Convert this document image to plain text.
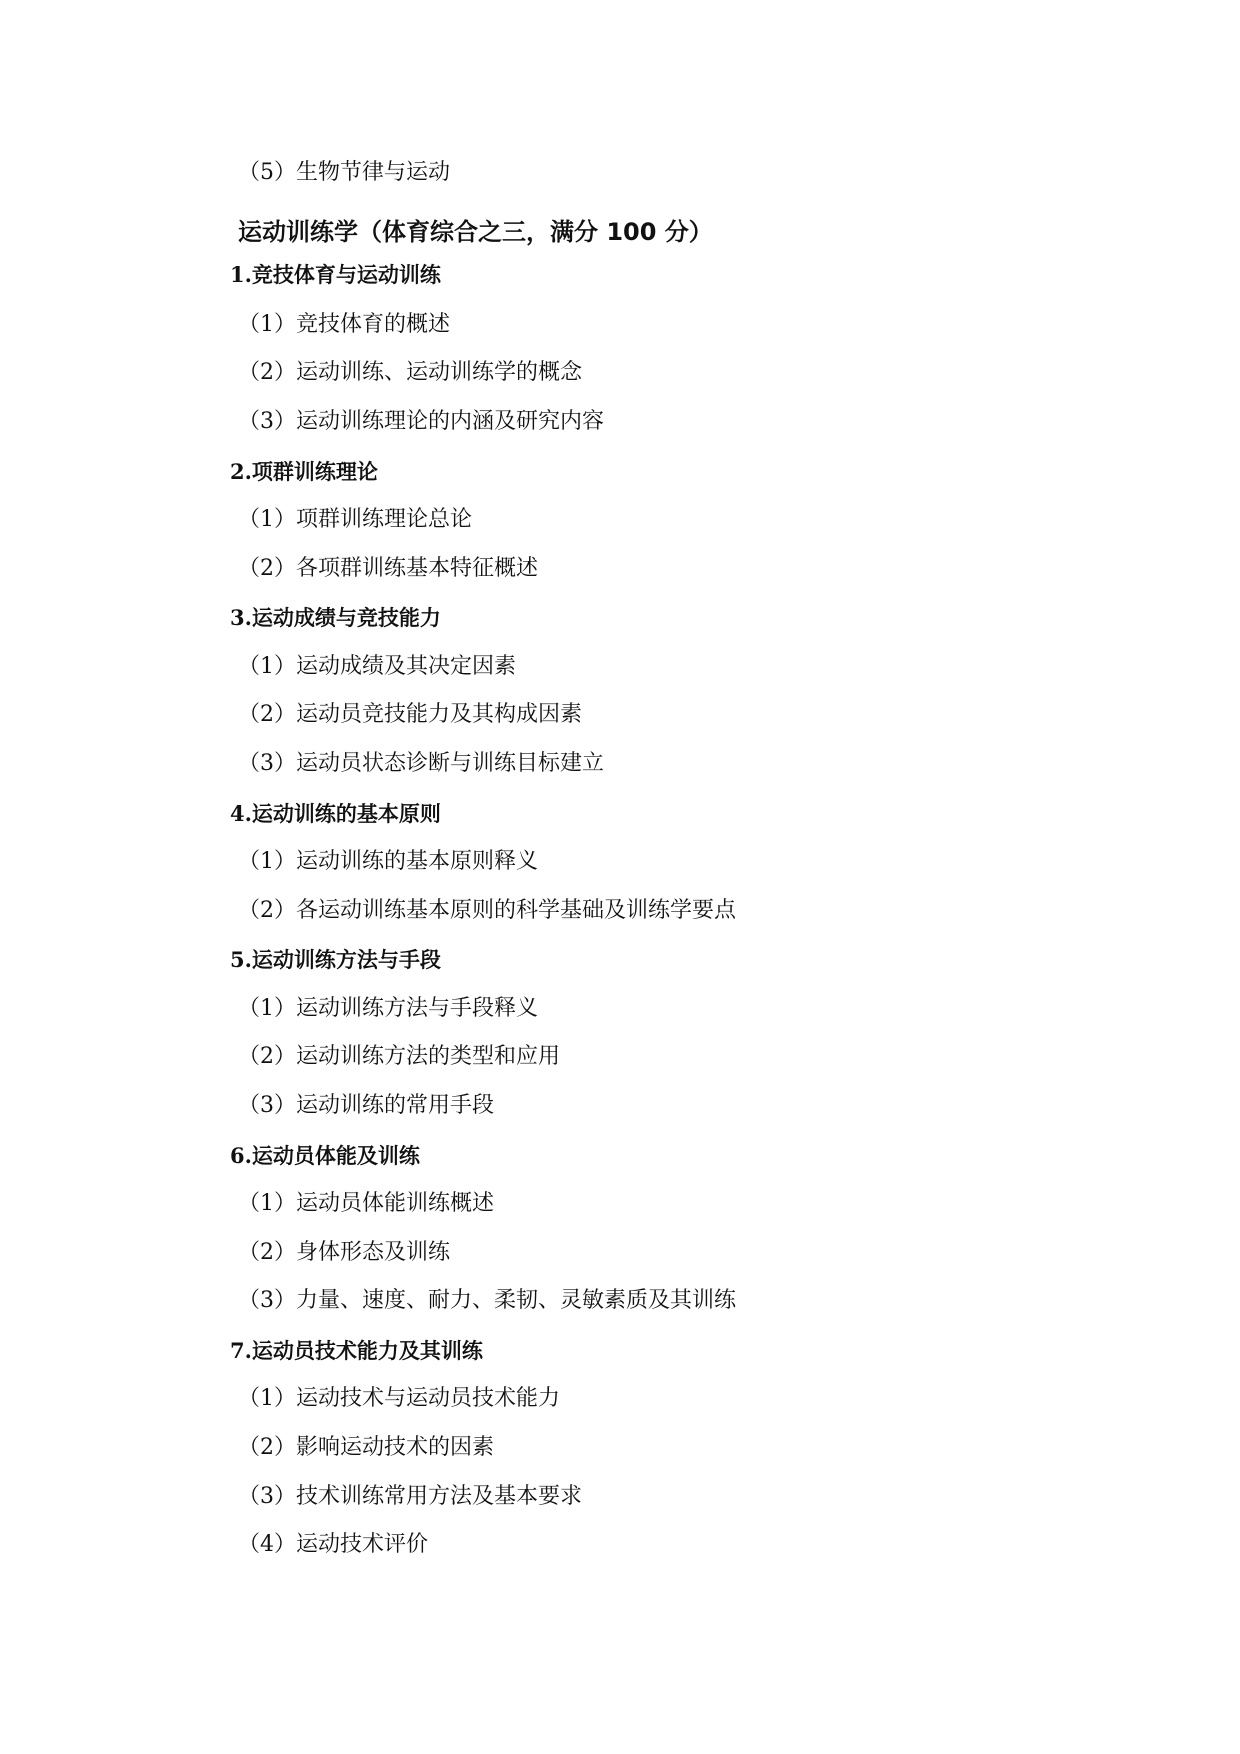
（5）生物节律与运动
运动训练学（体育综合之三，满分 100 分）
1.竞技体育与运动训练
（1）竞技体育的概述
（2）运动训练、运动训练学的概念
（3）运动训练理论的内涵及研究内容
2.项群训练理论
（1）项群训练理论总论
（2）各项群训练基本特征概述
3.运动成绩与竞技能力
（1）运动成绩及其决定因素
（2）运动员竞技能力及其构成因素
（3）运动员状态诊断与训练目标建立
4.运动训练的基本原则
（1）运动训练的基本原则释义
（2）各运动训练基本原则的科学基础及训练学要点
5.运动训练方法与手段
（1）运动训练方法与手段释义
（2）运动训练方法的类型和应用
（3）运动训练的常用手段
6.运动员体能及训练
（1）运动员体能训练概述
（2）身体形态及训练
（3）力量、速度、耐力、柔韧、灵敏素质及其训练
7.运动员技术能力及其训练
（1）运动技术与运动员技术能力
（2）影响运动技术的因素
（3）技术训练常用方法及基本要求
（4）运动技术评价
